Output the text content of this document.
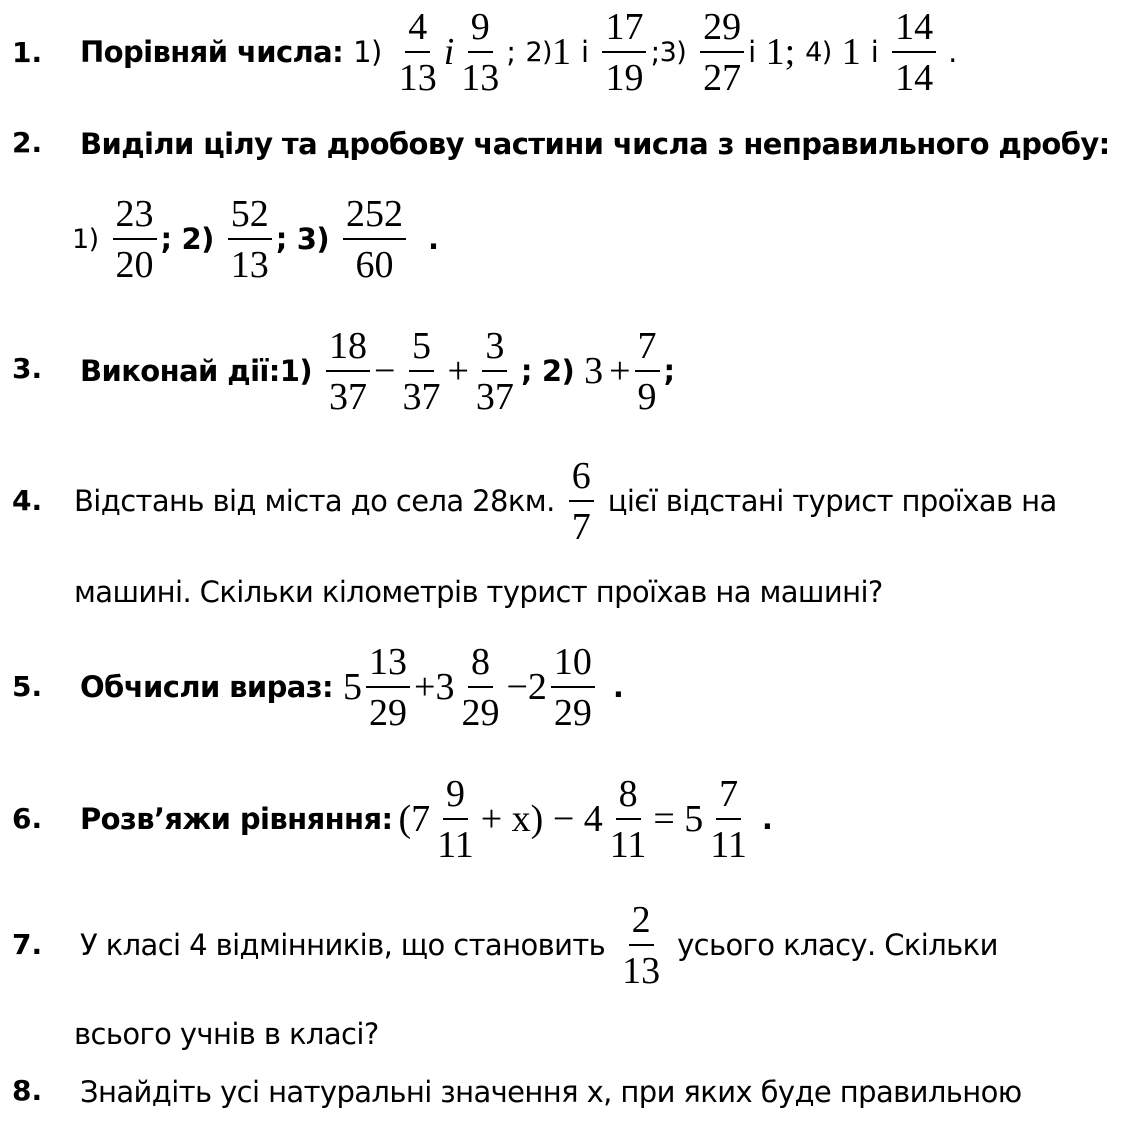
1. Порівняй числа: $1) \frac{4}{13}$ і $\frac{9}{13}$ ; 2) 1 і $\frac{17}{19}$ ; $3) \frac{29}{27}$ і 1; 4) 1 і $\frac{14}{14}$ .
2. Виділи цілу та дробову частини числа з неправильного дробу:
$1) \frac{23}{20}$ ; $2) \frac{52}{13}$ ; $3) \frac{252}{60}$ .
3. Виконай дії: $1) \frac{18}{37} - \frac{5}{37} + \frac{3}{37}$ ; 2) $3 + \frac{7}{9}$ ;
4. Відстань від міста до села 28км. $\frac{6}{7}$ цієї відстані турист проїхав на
машині. Скільки кілометрів турист проїхав на машині?
5. Обчисли вираз: $5 \frac{13}{29} + 3 \frac{8}{29} - 2 \frac{10}{29}$ .
6. Розв’яжи рівняння: $(7 \frac{9}{11} + x) - 4 \frac{8}{11} = 5 \frac{7}{11}$ .
7. У класі 4 відмінників, що становить $\frac{2}{13}$ усього класу. Скільки
всього учнів в класі?
8. Знайдіть усі натуральні значення х, при яких буде правильною
